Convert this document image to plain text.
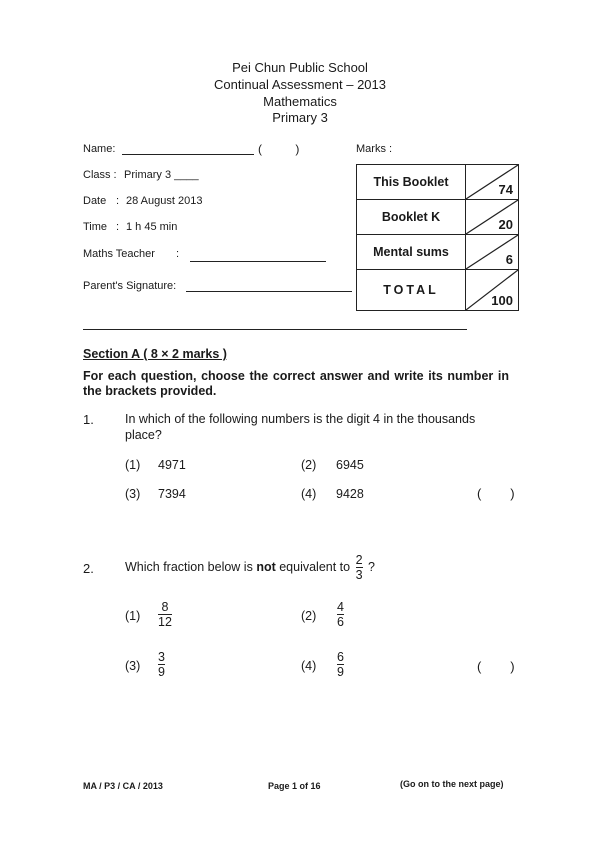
Pei Chun Public School
Continual Assessment – 2013
Mathematics
Primary 3
Name:	(          )
Class : Primary 3 ____
Date : 28 August 2013
Time : 1 h 45 min
Maths Teacher :
Parent's Signature:
Marks :
This Booklet	74

Booklet K	20

Mental sums	6

TOTAL	100
Section A ( 8 × 2 marks )
For each question, choose the correct answer and write its number in the brackets provided.
1. In which of the following numbers is the digit 4 in the thousands place?
(1) 4971	(2) 6945
(3) 7394	(4) 9428	(        )
2. Which fraction below is not equivalent to $\frac{2}{3}$ ?
$(1) \frac{8}{12}$	$(2) \frac{4}{6}$
$(3) \frac{3}{9}$	$(4) \frac{6}{9}$	(        )
MA / P3 / CA / 2013	Page 1 of 16	(Go on to the next page)
